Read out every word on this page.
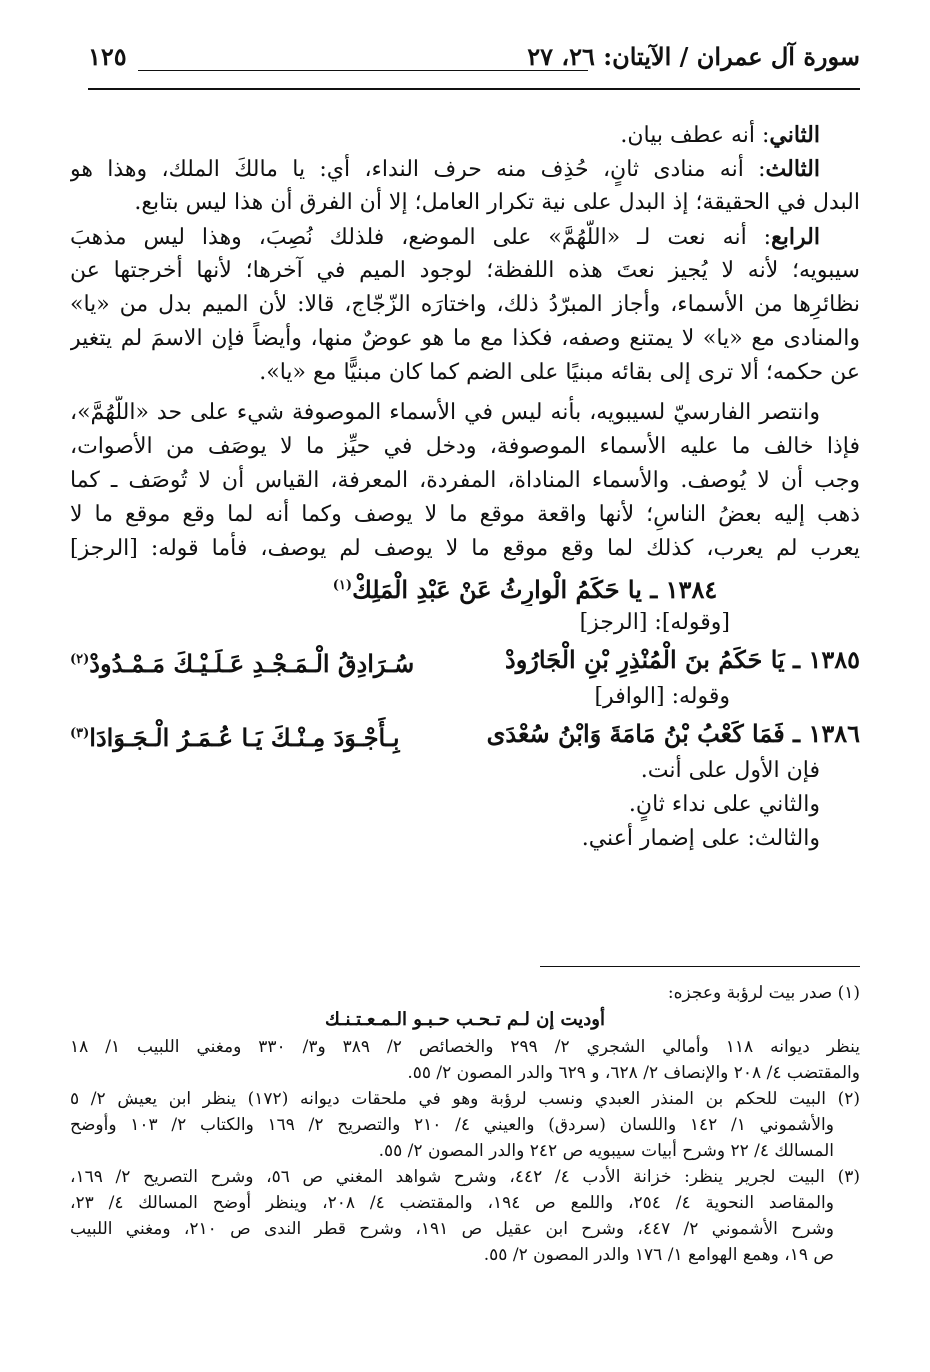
سورة آل عمران / الآيتان: ٢٦، ٢٧
١٢٥
الثاني: أنه عطف بيان.
الثالث: أنه منادى ثانٍ، حُذِف منه حرف النداء، أي: يا مالكَ الملك، وهذا هو
البدل في الحقيقة؛ إذ البدل على نية تكرار العامل؛ إلا أن الفرق أن هذا ليس بتابع.
الرابع: أنه نعت لـ «اللَّهُمَّ» على الموضع، فلذلك نُصِبَ، وهذا ليس مذهبَ
سيبويه؛ لأنه لا يُجيز نعتَ هذه اللفظة؛ لوجود الميم في آخرها؛ لأنها أخرجتها عن
نظائرِها من الأسماء، وأجاز المبرّدُ ذلك، واختارَه الزّجّاج، قالا: لأن الميم بدل من «يا»
والمنادى مع «يا» لا يمتنع وصفه، فكذا مع ما هو عوضٌ منها، وأيضاً فإن الاسمَ لم يتغير
عن حكمه؛ ألا ترى إلى بقائه مبنيًا على الضم كما كان مبنيًّا مع «يا».
وانتصر الفارسيّ لسيبويه، بأنه ليس في الأسماء الموصوفة شيء على حد «اللَّهُمَّ»،
فإذا خالف ما عليه الأسماء الموصوفة، ودخل في حيِّز ما لا يوصَف من الأصوات،
وجب أن لا يُوصف. والأسماء المناداة، المفردة، المعرفة، القياس أن لا تُوصَف ـ كما
ذهب إليه بعضُ الناسِ؛ لأنها واقعة موقع ما لا يوصف وكما أنه لما وقع موقع ما لا
يعرب لم يعرب، كذلك لما وقع موقع ما لا يوصف لم يوصف، فأما قوله: [الرجز]
١٣٨٤ ـ يا حَكَمُ الْوارِثُ عَنْ عَبْدِ الْمَلِكْ$^{(١)}$
[وقوله]: [الرجز]
١٣٨٥ ـ يَا حَكَمُ بنَ الْمُنْذِرِ بْنِ الْجَارُودْ
سُـرَادِقُ الْـمَـجْـدِ عَـلَـيْـكَ مَـمْـدُودْ$^{(٢)}$
وقوله: [الوافر]
١٣٨٦ ـ فَمَا كَعْبُ بْنُ مَامَةَ وَابْنُ سُعْدَى
بِـأَجْـوَدَ مِـنْـكَ يَـا عُـمَـرُ الْـجَـوَادَا$^{(٣)}$
فإن الأول على أنت.
والثاني على نداء ثانٍ.
والثالث: على إضمار أعني.
(١) صدر بيت لرؤبة وعجزه:
أوديت إن لـم تـحـب حـبـو الـمـعـتـنـك
ينظر ديوانه ١١٨ وأمالي الشجري ٢/ ٢٩٩ والخصائص ٢/ ٣٨٩ و٣/ ٣٣٠ ومغني اللبيب ١/ ١٨
والمقتضب ٤/ ٢٠٨ والإنصاف ٢/ ٦٢٨، و ٦٢٩ والدر المصون ٢/ ٥٥.
(٢) البيت للحكم بن المنذر العبدي ونسب لرؤبة وهو في ملحقات ديوانه (١٧٢) ينظر ابن يعيش ٢/ ٥
والأشموني ١/ ١٤٢ واللسان (سردق) والعيني ٤/ ٢١٠ والتصريح ٢/ ١٦٩ والكتاب ٢/ ١٠٣ وأوضح
المسالك ٤/ ٢٢ وشرح أبيات سيبويه ص ٢٤٢ والدر المصون ٢/ ٥٥.
(٣) البيت لجرير ينظر: خزانة الأدب ٤/ ٤٤٢، وشرح شواهد المغني ص ٥٦، وشرح التصريح ٢/ ١٦٩،
والمقاصد النحوية ٤/ ٢٥٤، واللمع ص ١٩٤، والمقتضب ٤/ ٢٠٨، وينظر أوضح المسالك ٤/ ٢٣،
وشرح الأشموني ٢/ ٤٤٧، وشرح ابن عقيل ص ١٩١، وشرح قطر الندى ص ٢١٠، ومغني اللبيب
ص ١٩، وهمع الهوامع ١/ ١٧٦ والدر المصون ٢/ ٥٥.
